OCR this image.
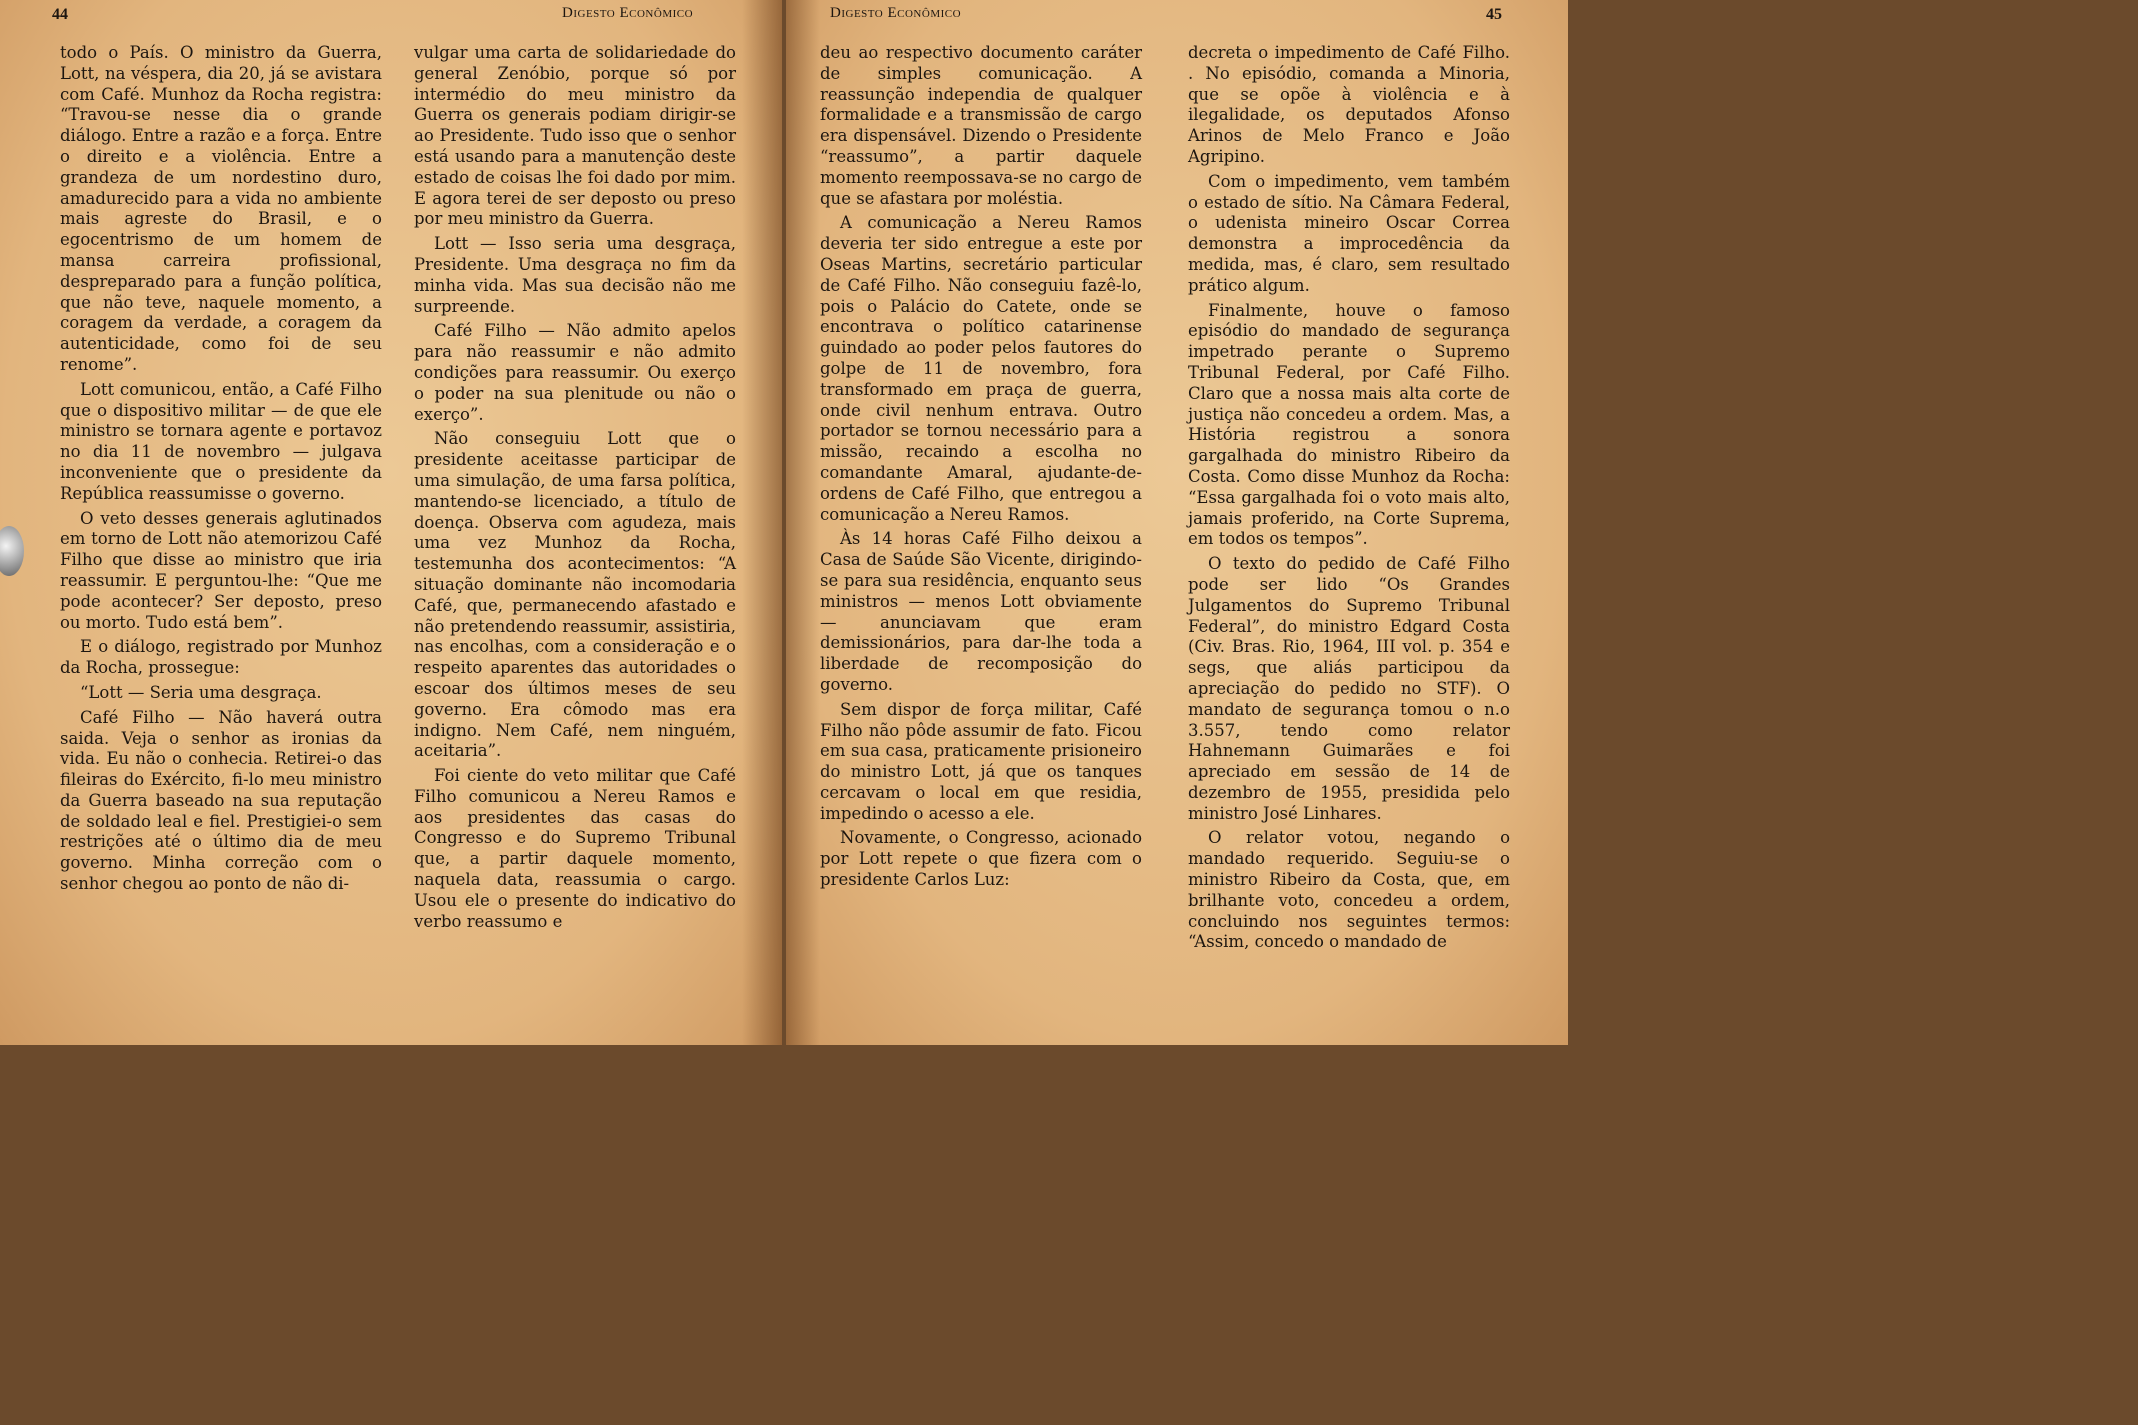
44	Digesto Econômico

todo o País. O ministro da Guerra, Lott, na véspera, dia 20, já se avistara com Café. Munhoz da Rocha registra: “Travou-se nesse dia o grande diálogo. Entre a razão e a força. Entre o direito e a violência. Entre a grandeza de um nordestino duro, amadurecido para a vida no ambiente mais agreste do Brasil, e o egocentrismo de um homem de mansa carreira profissional, despreparado para a função política, que não teve, naquele momento, a coragem da verdade, a coragem da autenticidade, como foi de seu renome”.

Lott comunicou, então, a Café Filho que o dispositivo militar — de que ele ministro se tornara agente e portavoz no dia 11 de novembro — julgava inconveniente que o presidente da República reassumisse o governo.

O veto desses generais aglutinados em torno de Lott não atemorizou Café Filho que disse ao ministro que iria reassumir. E perguntou-lhe: “Que me pode acontecer? Ser deposto, preso ou morto. Tudo está bem”.

E o diálogo, registrado por Munhoz da Rocha, prossegue:

“Lott — Seria uma desgraça.

Café Filho — Não haverá outra saida. Veja o senhor as ironias da vida. Eu não o conhecia. Retirei-o das fileiras do Exército, fi-lo meu ministro da Guerra baseado na sua reputação de soldado leal e fiel. Prestigiei-o sem restrições até o último dia de meu governo. Minha correção com o senhor chegou ao ponto de não di-

vulgar uma carta de solidariedade do general Zenóbio, porque só por intermédio do meu ministro da Guerra os generais podiam dirigir-se ao Presidente. Tudo isso que o senhor está usando para a manutenção deste estado de coisas lhe foi dado por mim. E agora terei de ser deposto ou preso por meu ministro da Guerra.

Lott — Isso seria uma desgraça, Presidente. Uma desgraça no fim da minha vida. Mas sua decisão não me surpreende.

Café Filho — Não admito apelos para não reassumir e não admito condições para reassumir. Ou exerço o poder na sua plenitude ou não o exerço”.

Não conseguiu Lott que o presidente aceitasse participar de uma simulação, de uma farsa política, mantendo-se licenciado, a título de doença. Observa com agudeza, mais uma vez Munhoz da Rocha, testemunha dos acontecimentos: “A situação dominante não incomodaria Café, que, permanecendo afastado e não pretendendo reassumir, assistiria, nas encolhas, com a consideração e o respeito aparentes das autoridades o escoar dos últimos meses de seu governo. Era cômodo mas era indigno. Nem Café, nem ninguém, aceitaria”.

Foi ciente do veto militar que Café Filho comunicou a Nereu Ramos e aos presidentes das casas do Congresso e do Supremo Tribunal que, a partir daquele momento, naquela data, reassumia o cargo. Usou ele o presente do indicativo do verbo reassumo e

Digesto Econômico	45

deu ao respectivo documento caráter de simples comunicação. A reassunção independia de qualquer formalidade e a transmissão de cargo era dispensável. Dizendo o Presidente “reassumo”, a partir daquele momento reempossava-se no cargo de que se afastara por moléstia.

A comunicação a Nereu Ramos deveria ter sido entregue a este por Oseas Martins, secretário particular de Café Filho. Não conseguiu fazê-lo, pois o Palácio do Catete, onde se encontrava o político catarinense guindado ao poder pelos fautores do golpe de 11 de novembro, fora transformado em praça de guerra, onde civil nenhum entrava. Outro portador se tornou necessário para a missão, recaindo a escolha no comandante Amaral, ajudante-de-ordens de Café Filho, que entregou a comunicação a Nereu Ramos.

Às 14 horas Café Filho deixou a Casa de Saúde São Vicente, dirigindo-se para sua residência, enquanto seus ministros — menos Lott obviamente — anunciavam que eram demissionários, para dar-lhe toda a liberdade de recomposição do governo.

Sem dispor de força militar, Café Filho não pôde assumir de fato. Ficou em sua casa, praticamente prisioneiro do ministro Lott, já que os tanques cercavam o local em que residia, impedindo o acesso a ele.

Novamente, o Congresso, acionado por Lott repete o que fizera com o presidente Carlos Luz:

decreta o impedimento de Café Filho. . No episódio, comanda a Minoria, que se opõe à violência e à ilegalidade, os deputados Afonso Arinos de Melo Franco e João Agripino.

Com o impedimento, vem também o estado de sítio. Na Câmara Federal, o udenista mineiro Oscar Correa demonstra a improcedência da medida, mas, é claro, sem resultado prático algum.

Finalmente, houve o famoso episódio do mandado de segurança impetrado perante o Supremo Tribunal Federal, por Café Filho. Claro que a nossa mais alta corte de justiça não concedeu a ordem. Mas, a História registrou a sonora gargalhada do ministro Ribeiro da Costa. Como disse Munhoz da Rocha: “Essa gargalhada foi o voto mais alto, jamais proferido, na Corte Suprema, em todos os tempos”.

O texto do pedido de Café Filho pode ser lido “Os Grandes Julgamentos do Supremo Tribunal Federal”, do ministro Edgard Costa (Civ. Bras. Rio, 1964, III vol. p. 354 e segs, que aliás participou da apreciação do pedido no STF). O mandato de segurança tomou o n.o 3.557, tendo como relator Hahnemann Guimarães e foi apreciado em sessão de 14 de dezembro de 1955, presidida pelo ministro José Linhares.

O relator votou, negando o mandado requerido. Seguiu-se o ministro Ribeiro da Costa, que, em brilhante voto, concedeu a ordem, concluindo nos seguintes termos: “Assim, concedo o mandado de
